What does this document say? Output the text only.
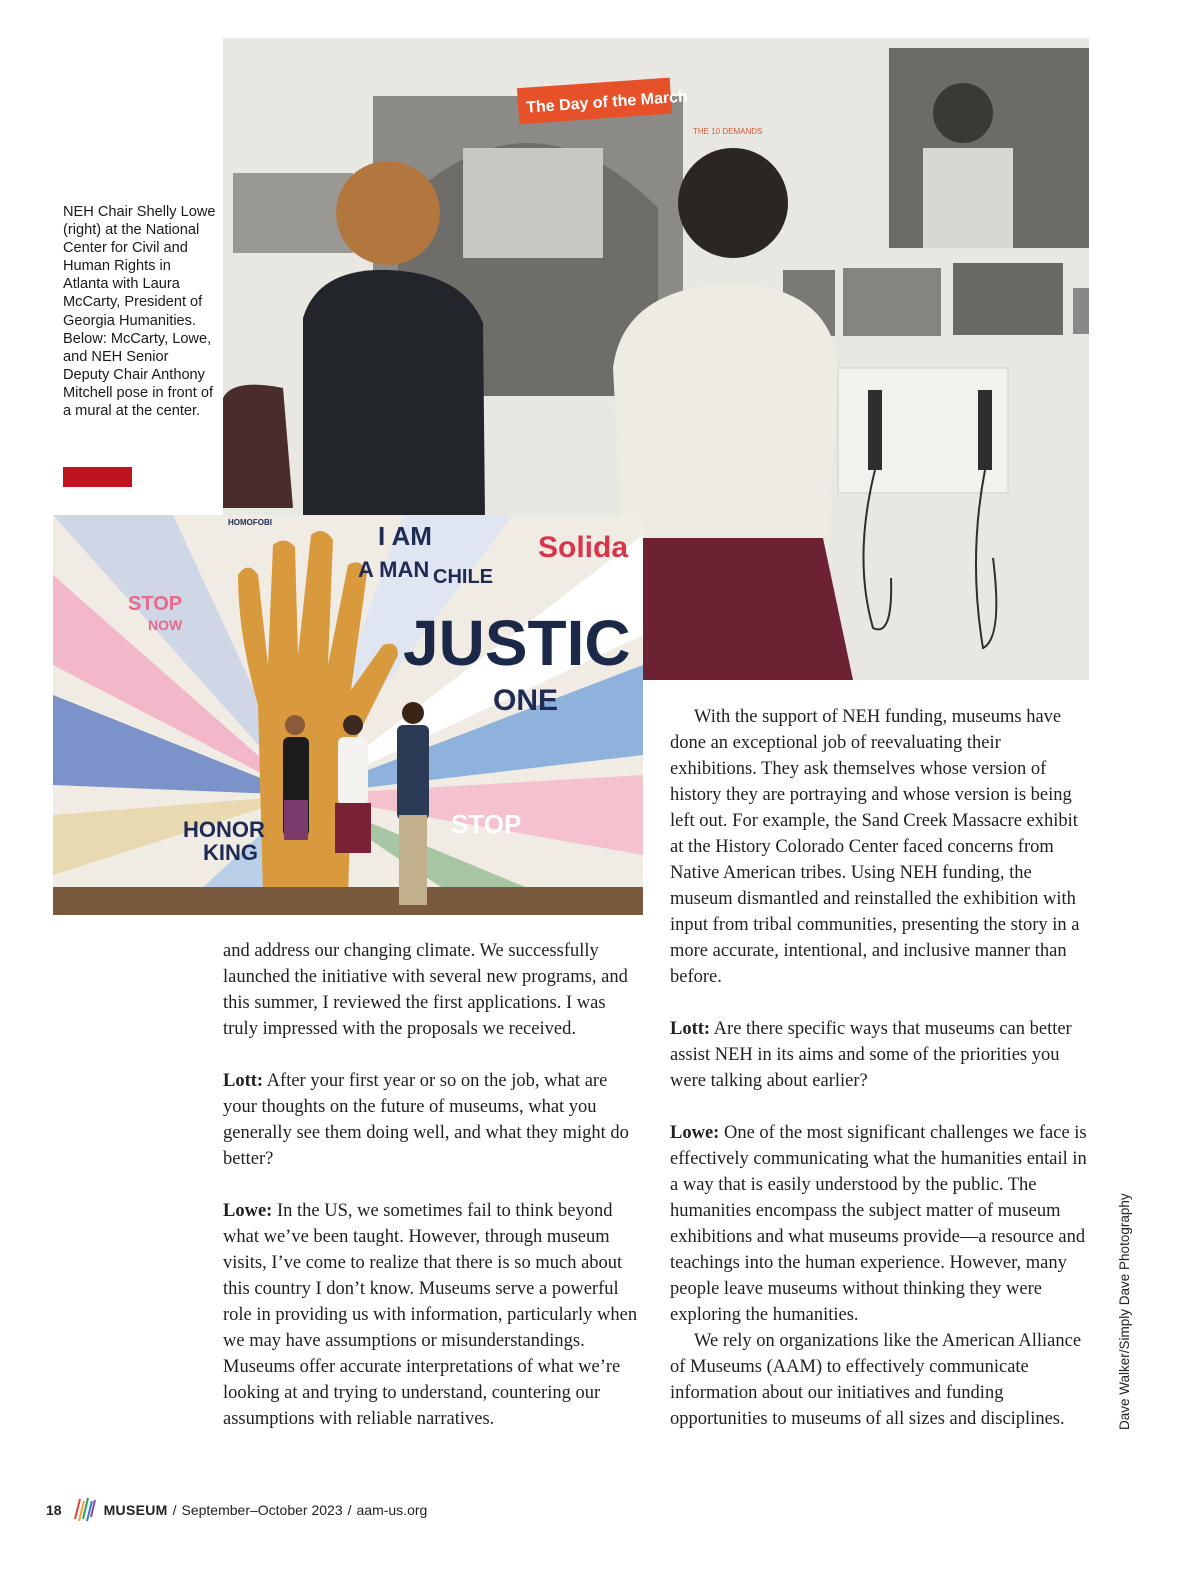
NEH Chair Shelly Lowe (right) at the National Center for Civil and Human Rights in Atlanta with Laura McCarty, President of Georgia Humanities. Below: McCarty, Lowe, and NEH Senior Deputy Chair Anthony Mitchell pose in front of a mural at the center.
The Day of the March
THE 10 DEMANDS
I AM
A MAN CHILE
JUSTIC
STOP
NOW
HONOR
KING
ONE
STOP
HOMOFOBI
Solida

and address our changing climate. We successfully launched the initiative with several new programs, and this summer, I reviewed the first applications. I was truly impressed with the proposals we received.

Lott: After your first year or so on the job, what are your thoughts on the future of museums, what you generally see them doing well, and what they might do better?

Lowe: In the US, we sometimes fail to think beyond what we’ve been taught. However, through museum visits, I’ve come to realize that there is so much about this country I don’t know. Museums serve a powerful role in providing us with information, particularly when we may have assumptions or misunderstandings. Museums offer accurate interpretations of what we’re looking at and trying to understand, countering our assumptions with reliable narratives.

With the support of NEH funding, museums have done an exceptional job of reevaluating their exhibitions. They ask themselves whose version of history they are portraying and whose version is being left out. For example, the Sand Creek Massacre exhibit at the History Colorado Center faced concerns from Native American tribes. Using NEH funding, the museum dismantled and reinstalled the exhibition with input from tribal communities, presenting the story in a more accurate, intentional, and inclusive manner than before.

Lott: Are there specific ways that museums can better assist NEH in its aims and some of the priorities you were talking about earlier?

Lowe: One of the most significant challenges we face is effectively communicating what the humanities entail in a way that is easily understood by the public. The humanities encompass the subject matter of museum exhibitions and what museums provide—a resource and teachings into the human experience. However, many people leave museums without thinking they were exploring the humanities.

We rely on organizations like the American Alliance of Museums (AAM) to effectively communicate information about our initiatives and funding opportunities to museums of all sizes and disciplines.	Dave Walker/Simply Dave Photography
18	MUSEUM / September–October 2023 / aam-us.org
